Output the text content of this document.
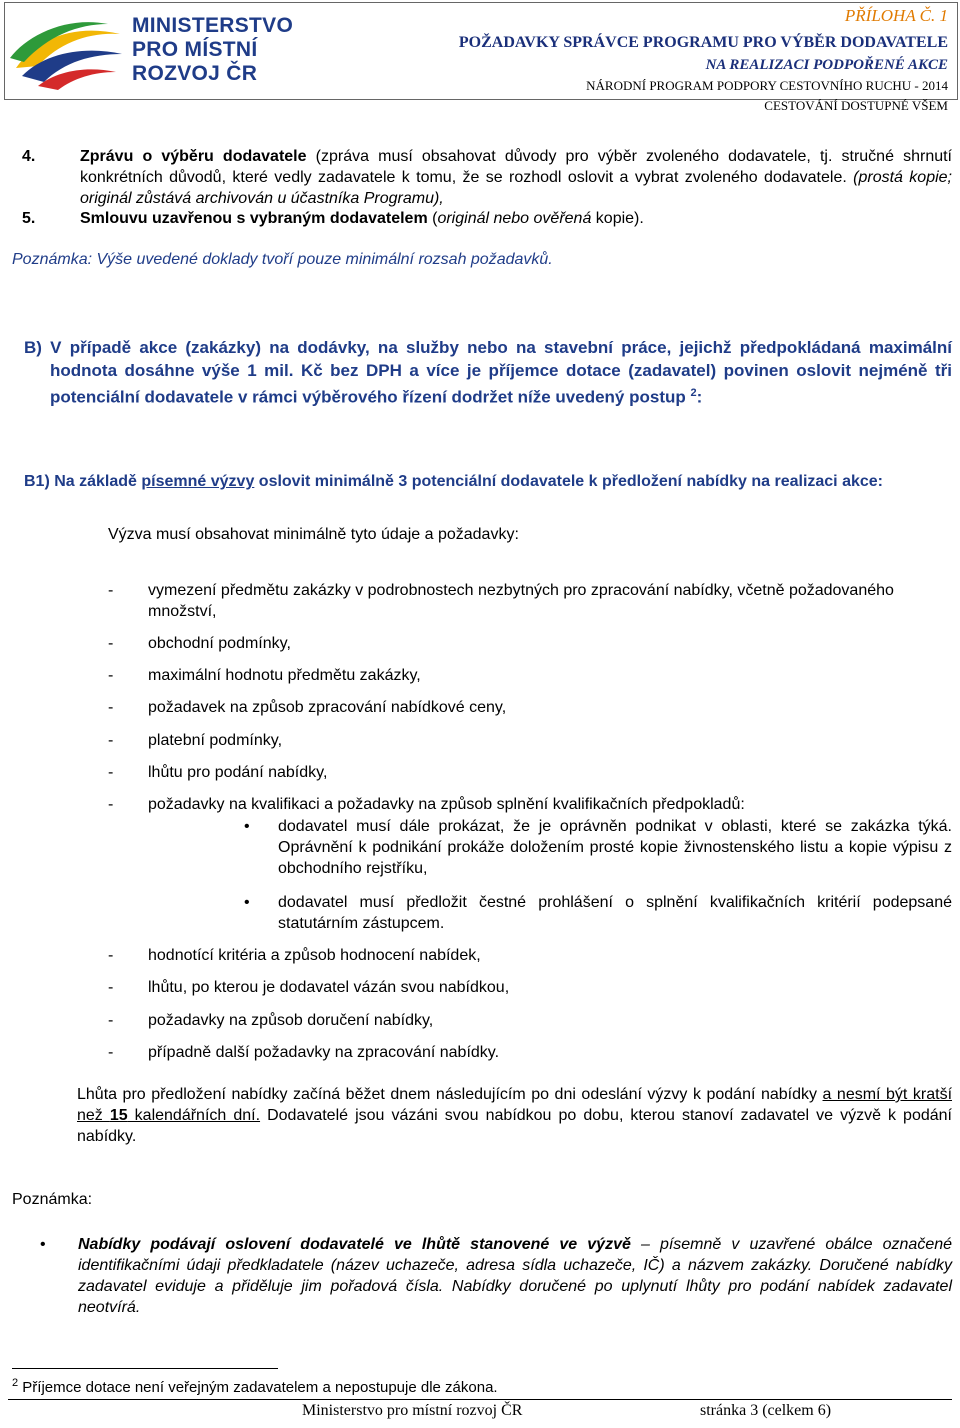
MINISTERSTVO
PRO MÍSTNÍ
ROZVOJ ČR
PŘÍLOHA Č. 1
POŽADAVKY SPRÁVCE PROGRAMU PRO VÝBĚR DODAVATELE
NA REALIZACI PODPOŘENÉ AKCE
NÁRODNÍ PROGRAM PODPORY CESTOVNÍHO RUCHU - 2014
CESTOVÁNÍ DOSTUPNÉ VŠEM
4.	Zprávu o výběru dodavatele (zpráva musí obsahovat důvody pro výběr zvoleného dodavatele, tj. stručné shrnutí konkrétních důvodů, které vedly zadavatele k tomu, že se rozhodl oslovit a vybrat zvoleného dodavatele. (prostá kopie; originál zůstává archivován u účastníka Programu),
5.	Smlouvu uzavřenou s vybraným dodavatelem (originál nebo ověřená kopie).
Poznámka: Výše uvedené doklady tvoří pouze minimální rozsah požadavků.
B) V případě akce (zakázky) na dodávky, na služby nebo na stavební práce, jejichž předpokládaná maximální hodnota dosáhne výše 1 mil. Kč bez DPH a více je příjemce dotace (zadavatel) povinen oslovit nejméně tři potenciální dodavatele v rámci výběrového řízení dodržet níže uvedený postup $^2$:
B1) Na základě písemné výzvy oslovit minimálně 3 potenciální dodavatele k předložení nabídky na realizaci akce:
Výzva musí obsahovat minimálně tyto údaje a požadavky:
- vymezení předmětu zakázky v podrobnostech nezbytných pro zpracování nabídky, včetně požadovaného množství,
- obchodní podmínky,
- maximální hodnotu předmětu zakázky,
- požadavek na způsob zpracování nabídkové ceny,
- platební podmínky,
- lhůtu pro podání nabídky,
- požadavky na kvalifikaci a požadavky na způsob splnění kvalifikačních předpokladů:
• dodavatel musí dále prokázat, že je oprávněn podnikat v oblasti, které se zakázka týká. Oprávnění k podnikání prokáže doložením prosté kopie živnostenského listu a kopie výpisu z obchodního rejstříku,
• dodavatel musí předložit čestné prohlášení o splnění kvalifikačních kritérií podepsané statutárním zástupcem.
- hodnotící kritéria a způsob hodnocení nabídek,
- lhůtu, po kterou je dodavatel vázán svou nabídkou,
- požadavky na způsob doručení nabídky,
- případně další požadavky na zpracování nabídky.
Lhůta pro předložení nabídky začíná běžet dnem následujícím po dni odeslání výzvy k podání nabídky a nesmí být kratší než 15 kalendářních dní. Dodavatelé jsou vázáni svou nabídkou po dobu, kterou stanoví zadavatel ve výzvě k podání nabídky.
Poznámka:
• Nabídky podávají oslovení dodavatelé ve lhůtě stanovené ve výzvě – písemně v uzavřené obálce označené identifikačními údaji předkladatele (název uchazeče, adresa sídla uchazeče, IČ) a názvem zakázky. Doručené nabídky zadavatel eviduje a přiděluje jim pořadová čísla. Nabídky doručené po uplynutí lhůty pro podání nabídek zadavatel neotvírá.
$^2$ Příjemce dotace není veřejným zadavatelem a nepostupuje dle zákona.
Ministerstvo pro místní rozvoj ČR	stránka 3 (celkem 6)
